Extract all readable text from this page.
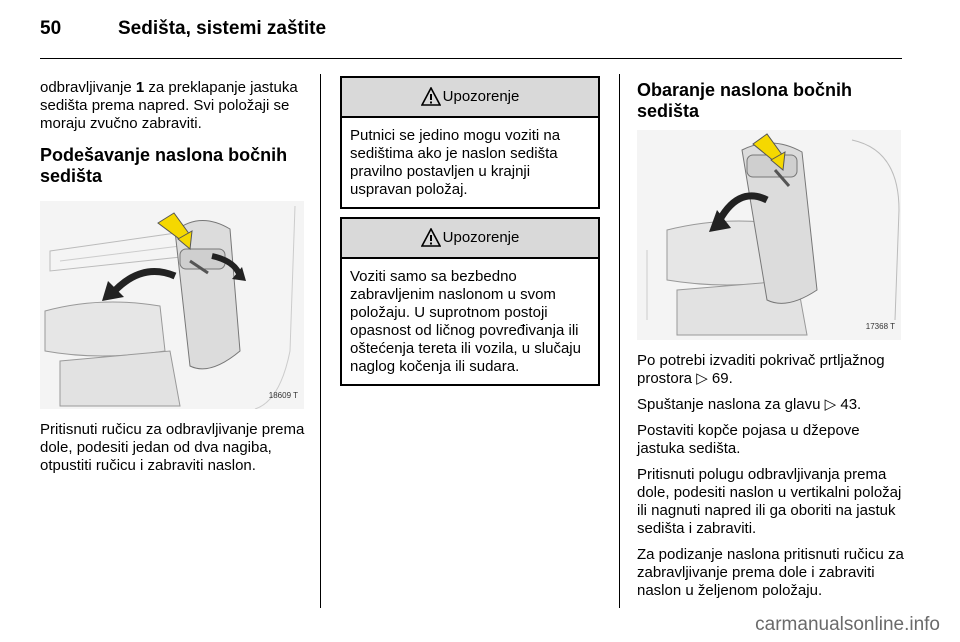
50	Sedišta, sistemi zaštite

odbravljivanje 1 za preklapanje jastuka sedišta prema napred. Svi položaji se moraju zvučno zabraviti.

Podešavanje naslona bočnih sedišta
18609 T

Pritisnuti ručicu za odbravljivanje prema dole, podesiti jedan od dva nagiba, otpustiti ručicu i zabraviti naslon.

Upozorenje
Putnici se jedino mogu voziti na sedištima ako je naslon sedišta pravilno postavljen u krajnji uspravan položaj.
Upozorenje
Voziti samo sa bezbedno zabravljenim naslonom u svom položaju. U suprotnom postoji opasnost od ličnog povređivanja ili oštećenja tereta ili vozila, u slučaju naglog kočenja ili sudara.
Obaranje naslona bočnih sedišta
17368 T

Po potrebi izvaditi pokrivač prtljažnog prostora ▷ 69.

Spuštanje naslona za glavu ▷ 43.

Postaviti kopče pojasa u džepove jastuka sedišta.

Pritisnuti polugu odbravljivanja prema dole, podesiti naslon u vertikalni položaj ili nagnuti napred ili ga oboriti na jastuk sedišta i zabraviti.

Za podizanje naslona pritisnuti ručicu za zabravljivanje prema dole i zabraviti naslon u željenom položaju.

carmanualsonline.info
